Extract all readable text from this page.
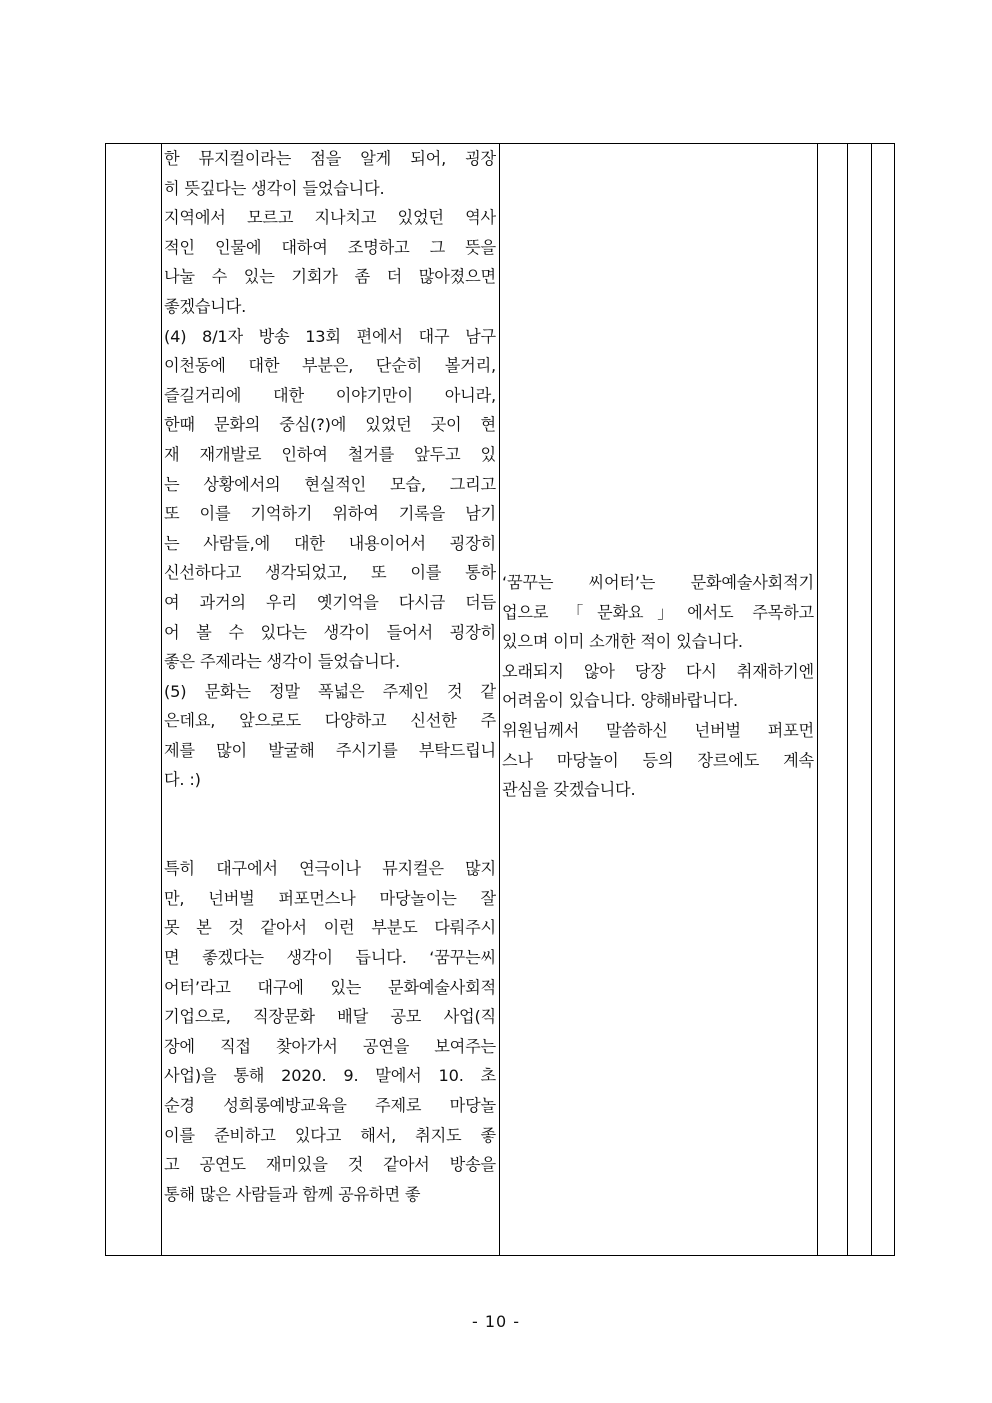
한 뮤지컬이라는 점을 알게 되어, 굉장
히 뜻깊다는 생각이 들었습니다.
지역에서 모르고 지나치고 있었던 역사
적인 인물에 대하여 조명하고 그 뜻을
나눌 수 있는 기회가 좀 더 많아졌으면
좋겠습니다.
(4) 8/1자 방송 13회 편에서 대구 남구
이천동에 대한 부분은, 단순히 볼거리,
즐길거리에 대한 이야기만이 아니라,
한때 문화의 중심(?)에 있었던 곳이 현
재 재개발로 인하여 철거를 앞두고 있
는 상황에서의 현실적인 모습, 그리고
또 이를 기억하기 위하여 기록을 남기
는 사람들,에 대한 내용이어서 굉장히
신선하다고 생각되었고, 또 이를 통하
여 과거의 우리 옛기억을 다시금 더듬
어 볼 수 있다는 생각이 들어서 굉장히
좋은 주제라는 생각이 들었습니다.
(5) 문화는 정말 폭넓은 주제인 것 같
은데요, 앞으로도 다양하고 신선한 주
제를 많이 발굴해 주시기를 부탁드립니
다. :)
특히 대구에서 연극이나 뮤지컬은 많지
만, 넌버벌 퍼포먼스나 마당놀이는 잘
못 본 것 같아서 이런 부분도 다뤄주시
면 좋겠다는 생각이 듭니다. ‘꿈꾸는씨
어터’라고 대구에 있는 문화예술사회적
기업으로, 직장문화 배달 공모 사업(직
장에 직접 찾아가서 공연을 보여주는
사업)을 통해 2020. 9. 말에서 10. 초
순경 성희롱예방교육을 주제로 마당놀
이를 준비하고 있다고 해서, 취지도 좋
고 공연도 재미있을 것 같아서 방송을
통해 많은 사람들과 함께 공유하면 좋
‘꿈꾸는 씨어터’는 문화예술사회적기
업으로 「문화요」에서도 주목하고
있으며 이미 소개한 적이 있습니다.
오래되지 않아 당장 다시 취재하기엔
어려움이 있습니다. 양해바랍니다.
위원님께서 말씀하신 넌버벌 퍼포먼
스나 마당놀이 등의 장르에도 계속
관심을 갖겠습니다.
- 10 -
